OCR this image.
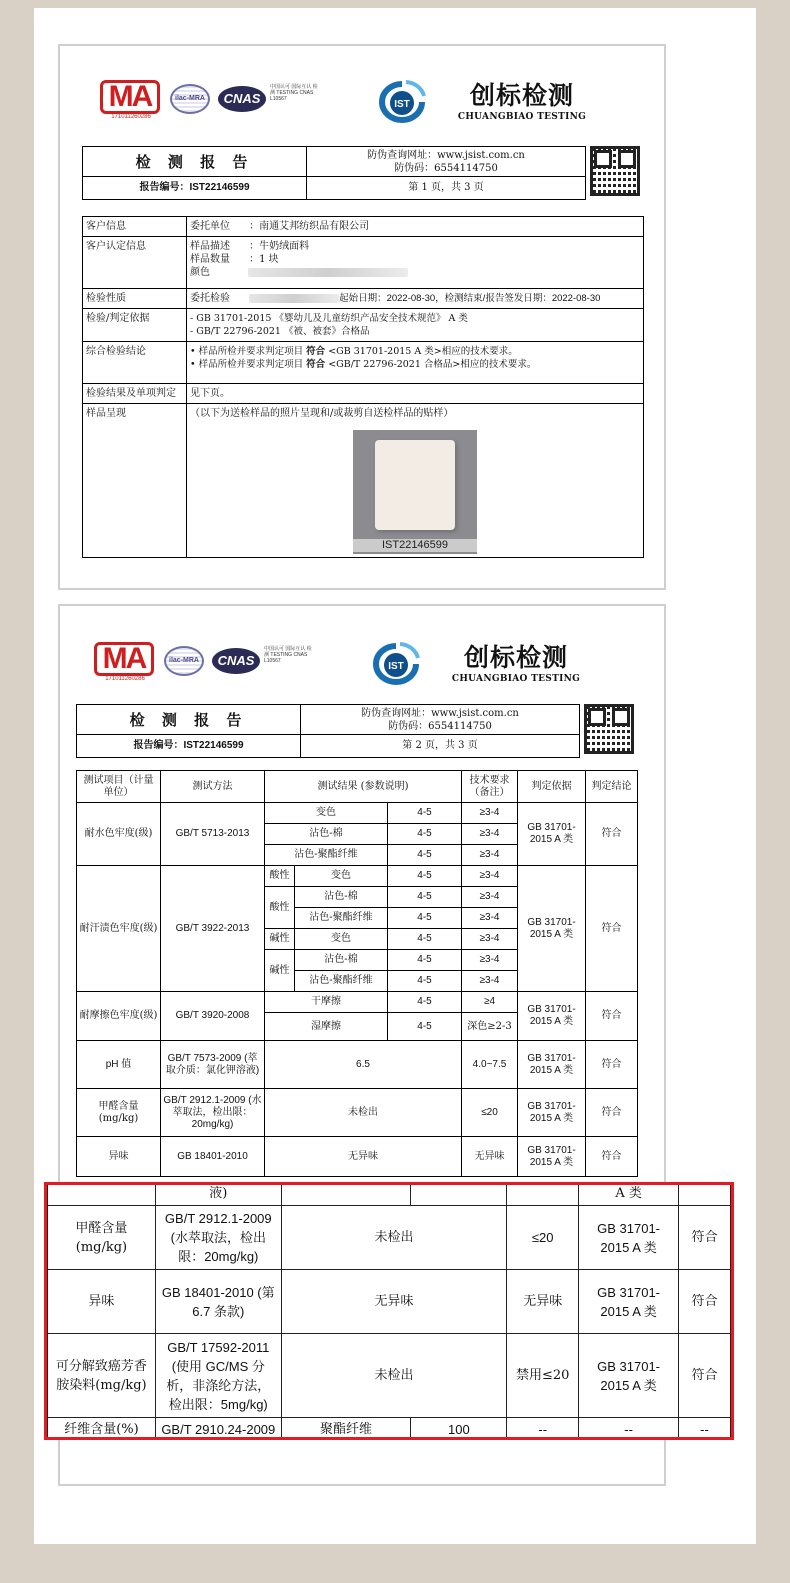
MA
171011260286
ilac-MRA	CNAS
中国认可 国际互认 检测 TESTING CNAS L10567	IST	创标检测
CHUANGBIAO TESTING
检 测 报 告
报告编号：IST22146599
防伪查询网址：www.jsist.com.cn
防伪码：6554114750
第 1 页，共 3 页
客户信息	委托单位 ：南通艾邦纺织品有限公司
客户认定信息	样品描述 ：牛奶绒面料
样品数量 ：1 块
颜色

检验性质	委托检验 起始日期：2022-08-30，检测结束/报告签发日期：2022-08-30
检验/判定依据	- GB 31701-2015 《婴幼儿及儿童纺织产品安全技术规范》 A 类
- GB/T 22796-2021 《被、被套》合格品

综合检验结论	• 样品所检并要求判定项目 符合 <GB 31701-2015 A 类>相应的技术要求。
• 样品所检并要求判定项目 符合 <GB/T 22796-2021 合格品>相应的技术要求。

检验结果及单项判定	见下页。
样品呈现	（以下为送检样品的照片呈现和/或裁剪自送检样品的贴样）
IST22146599
MA
171011260286
ilac-MRA	CNAS
中国认可 国际互认 检测 TESTING CNAS L10567	IST	创标检测
CHUANGBIAO TESTING
检 测 报 告
报告编号：IST22146599
防伪查询网址：www.jsist.com.cn
防伪码：6554114750
第 2 页，共 3 页
测试项目（计量单位）	测试方法	测试结果 (参数说明)			技术要求（备注）	判定依据	判定结论
耐水色牢度(级)	GB/T 5713-2013	变色		4-5	≥3-4	GB 31701-2015 A 类	符合
		沾色-棉		4-5	≥3-4		
		沾色-聚酯纤维		4-5	≥3-4		
耐汗渍色牢度(级)	GB/T 3922-2013	酸性	变色	4-5	≥3-4	GB 31701-2015 A 类	符合
		酸性	沾色-棉	4-5	≥3-4		
			沾色-聚酯纤维	4-5	≥3-4		
		碱性	变色	4-5	≥3-4		
		碱性	沾色-棉	4-5	≥3-4		
			沾色-聚酯纤维	4-5	≥3-4		
耐摩擦色牢度(级)	GB/T 3920-2008	干摩擦		4-5	≥4	GB 31701-2015 A 类	符合
		湿摩擦		4-5	深色≥2-3		
pH 值	GB/T 7573-2009 (萃取介质：氯化钾溶液)	6.5			4.0~7.5	GB 31701-2015 A 类	符合
甲醛含量 (mg/kg)	GB/T 2912.1-2009 (水萃取法，检出限：20mg/kg)	未检出			≤20	GB 31701-2015 A 类	符合
异味	GB 18401-2010	无异味			无异味	GB 31701-2015 A 类	符合
	液)				A 类	
甲醛含量 (mg/kg)	GB/T 2912.1-2009 (水萃取法，检出限：20mg/kg)	未检出		≤20	GB 31701-2015 A 类	符合
异味	GB 18401-2010 (第 6.7 条款)	无异味		无异味	GB 31701-2015 A 类	符合
可分解致癌芳香胺染料(mg/kg)	GB/T 17592-2011 (使用 GC/MS 分析，非涤纶方法，检出限：5mg/kg)	未检出		禁用≤20	GB 31701-2015 A 类	符合
纤维含量(%)	GB/T 2910.24-2009	聚酯纤维	100	--	--	--
